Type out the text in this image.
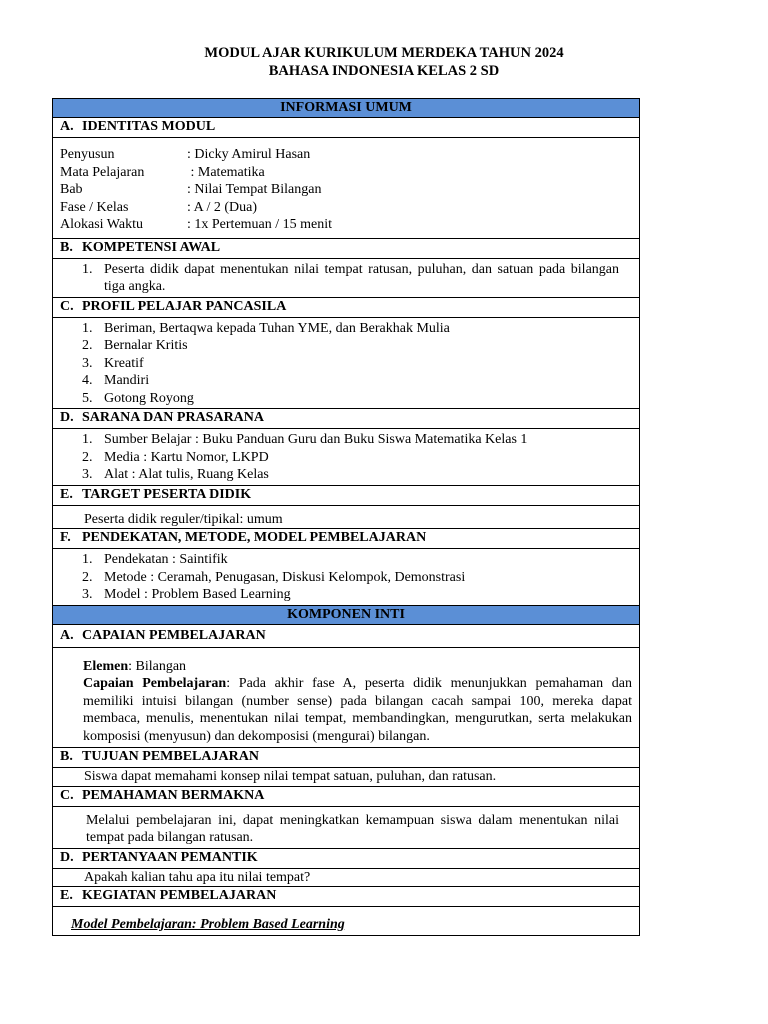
MODUL AJAR KURIKULUM MERDEKA TAHUN 2024
BAHASA INDONESIA KELAS 2 SD
INFORMASI UMUM
A. IDENTITAS MODUL

Penyusun	: Dicky Amirul Hasan
Mata Pelajaran	: Matematika
Bab	: Nilai Tempat Bilangan
Fase / Kelas	: A / 2 (Dua)
Alokasi Waktu	: 1x Pertemuan / 15 menit

B. KOMPETENSI AWAL

1. Peserta didik dapat menentukan nilai tempat ratusan, puluhan, dan satuan pada bilangan tiga angka.

C. PROFIL PELAJAR PANCASILA

1. Beriman, Bertaqwa kepada Tuhan YME, dan Berakhak Mulia
2. Bernalar Kritis
3. Kreatif
4. Mandiri
5. Gotong Royong

D. SARANA DAN PRASARANA

1. Sumber Belajar : Buku Panduan Guru dan Buku Siswa Matematika Kelas 1
2. Media : Kartu Nomor, LKPD
3. Alat : Alat tulis, Ruang Kelas

E. TARGET PESERTA DIDIK
Peserta didik reguler/tipikal: umum
F. PENDEKATAN, METODE, MODEL PEMBELAJARAN

1. Pendekatan : Saintifik
2. Metode : Ceramah, Penugasan, Diskusi Kelompok, Demonstrasi
3. Model : Problem Based Learning

KOMPONEN INTI
A. CAPAIAN PEMBELAJARAN

Elemen: Bilangan
Capaian Pembelajaran: Pada akhir fase A, peserta didik menunjukkan pemahaman dan memiliki intuisi bilangan (number sense) pada bilangan cacah sampai 100, mereka dapat membaca, menulis, menentukan nilai tempat, membandingkan, mengurutkan, serta melakukan komposisi (menyusun) dan dekomposisi (mengurai) bilangan.

B. TUJUAN PEMBELAJARAN
Siswa dapat memahami konsep nilai tempat satuan, puluhan, dan ratusan.
C. PEMAHAMAN BERMAKNA
Melalui pembelajaran ini, dapat meningkatkan kemampuan siswa dalam menentukan nilai tempat pada bilangan ratusan.
D. PERTANYAAN PEMANTIK
Apakah kalian tahu apa itu nilai tempat?
E. KEGIATAN PEMBELAJARAN
Model Pembelajaran: Problem Based Learning
